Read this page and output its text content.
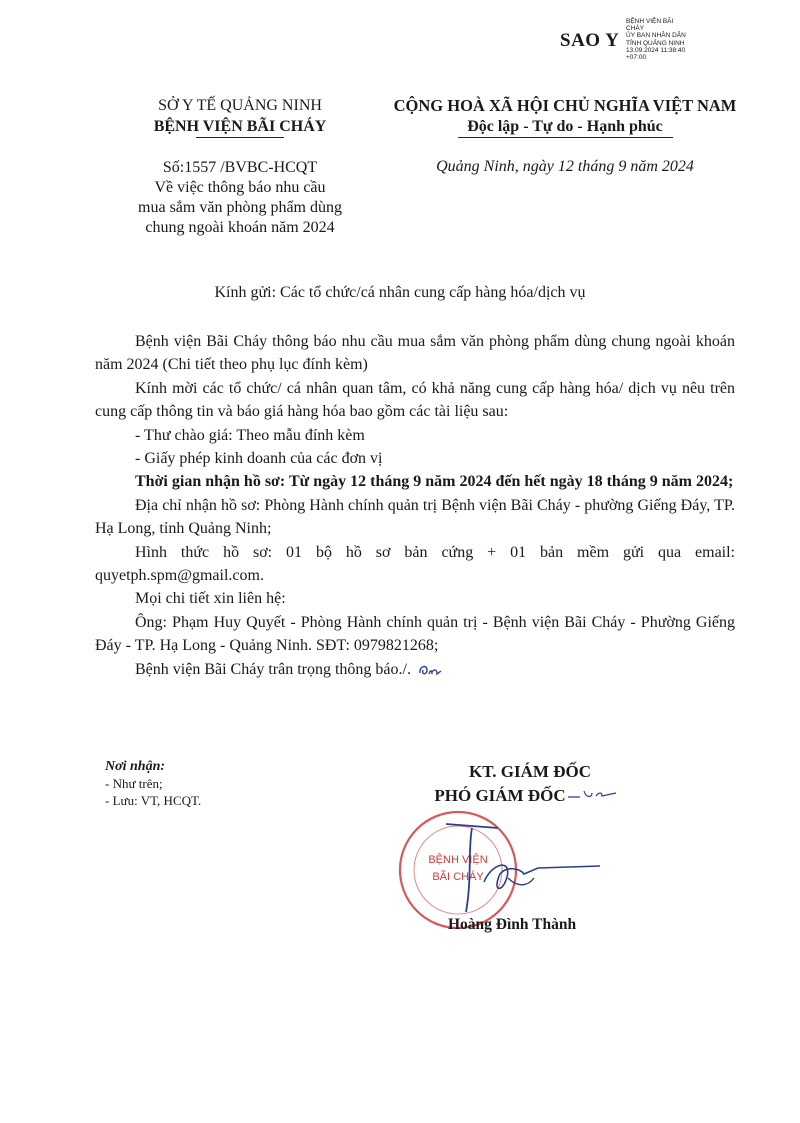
SAO Y
BỆNH VIỆN BÃI
CHÁY
ỦY BAN NHÂN DÂN
TỈNH QUẢNG NINH
13.09.2024 11:38:40
+07:00
SỞ Y TẾ QUẢNG NINH
BỆNH VIỆN BÃI CHÁY
CỘNG HOÀ XÃ HỘI CHỦ NGHĨA VIỆT NAM
Độc lập - Tự do - Hạnh phúc
Số:1557 /BVBC-HCQT
Về việc thông báo nhu cầu
mua sắm văn phòng phẩm dùng
chung ngoài khoán năm 2024
Quảng Ninh, ngày 12 tháng 9 năm 2024
Kính gửi: Các tổ chức/cá nhân cung cấp hàng hóa/dịch vụ

Bệnh viện Bãi Cháy thông báo nhu cầu mua sắm văn phòng phẩm dùng chung ngoài khoán năm 2024 (Chi tiết theo phụ lục đính kèm)

Kính mời các tổ chức/ cá nhân quan tâm, có khả năng cung cấp hàng hóa/ dịch vụ nêu trên cung cấp thông tin và báo giá hàng hóa bao gồm các tài liệu sau:

- Thư chào giá: Theo mẫu đính kèm

- Giấy phép kinh doanh của các đơn vị

Thời gian nhận hồ sơ: Từ ngày 12 tháng 9 năm 2024 đến hết ngày 18 tháng 9 năm 2024;

Địa chỉ nhận hồ sơ: Phòng Hành chính quản trị Bệnh viện Bãi Cháy - phường Giếng Đáy, TP. Hạ Long, tỉnh Quảng Ninh;

Hình thức hồ sơ: 01 bộ hồ sơ bản cứng + 01 bản mềm gửi qua email: quyetph.spm@gmail.com.

Mọi chi tiết xin liên hệ:

Ông: Phạm Huy Quyết - Phòng Hành chính quản trị - Bệnh viện Bãi Cháy - Phường Giếng Đáy - TP. Hạ Long - Quảng Ninh. SĐT: 0979821268;

Bệnh viện Bãi Cháy trân trọng thông báo./.

Nơi nhận:
- Như trên;
- Lưu: VT, HCQT.
KT. GIÁM ĐỐC
PHÓ GIÁM ĐỐC
BỆNH VIỆN
BÃI CHÁY
Hoàng Đình Thành
